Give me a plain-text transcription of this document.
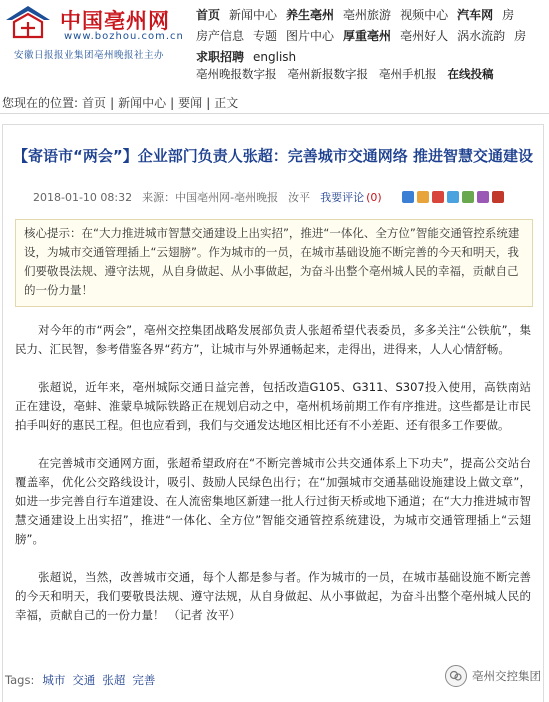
中国亳州网
www.bozhou.com.cn
安徽日报报业集团亳州晚报社主办
首页 新闻中心 养生亳州 亳州旅游 视频中心 汽车网 房
房产信息 专题 图片中心 厚重亳州 亳州好人 涡水流韵 房
求职招聘 english
亳州晚报数字报 亳州新报数字报 亳州手机报 在线投稿
您现在的位置: 首页 | 新闻中心 | 要闻 | 正文
【寄语市“两会”】企业部门负责人张超：完善城市交通网络 推进智慧交通建设
2018-01-10 08:32 来源：中国亳州网-亳州晚报 汝平 我要评论 (0)
核心提示：在“大力推进城市智慧交通建设上出实招”，推进“一体化、全方位”智能交通管控系统建设，为城市交通管理插上“云翅膀”。作为城市的一员，在城市基础设施不断完善的今天和明天，我们要敬畏法规、遵守法规，从自身做起、从小事做起，为奋斗出整个亳州城人民的幸福，贡献自己的一份力量！

对今年的市“两会”，亳州交控集团战略发展部负责人张超希望代表委员，多多关注“公铁航”，集民力、汇民智，参考借鉴各界“药方”，让城市与外界通畅起来，走得出，进得来，人人心情舒畅。

张超说，近年来，亳州城际交通日益完善，包括改造G105、G311、S307投入使用，高铁南站正在建设，亳蚌、淮蒙阜城际铁路正在规划启动之中，亳州机场前期工作有序推进。这些都是让市民拍手叫好的惠民工程。但也应看到，我们与交通发达地区相比还有不小差距、还有很多工作要做。

在完善城市交通网方面，张超希望政府在“不断完善城市公共交通体系上下功夫”，提高公交站台覆盖率，优化公交路线设计，吸引、鼓励人民绿色出行；在“加强城市交通基础设施建设上做文章”，如进一步完善自行车道建设、在人流密集地区新建一批人行过街天桥或地下通道；在“大力推进城市智慧交通建设上出实招”，推进“一体化、全方位”智能交通管控系统建设，为城市交通管理插上“云翅膀”。

张超说，当然，改善城市交通，每个人都是参与者。作为城市的一员，在城市基础设施不断完善的今天和明天，我们要敬畏法规、遵守法规，从自身做起、从小事做起，为奋斗出整个亳州城人民的幸福，贡献自己的一份力量！ （记者 汝平）

Tags: 城市 交通 张超 完善	亳州交控集团
